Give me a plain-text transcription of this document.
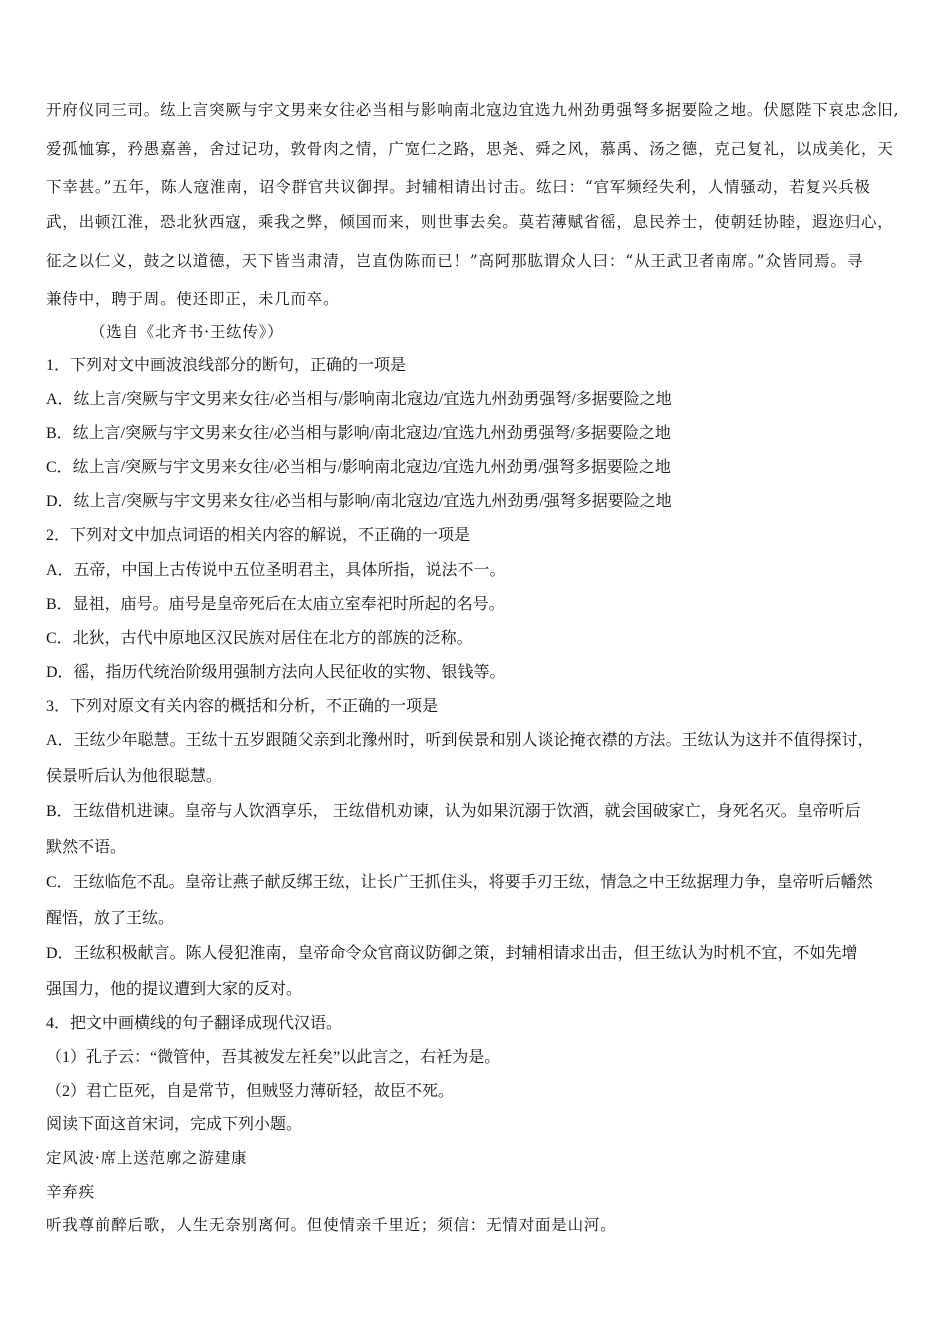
开府仪同三司。纮上言突厥与宇文男来女往必当相与影响南北寇边宜选九州劲勇强弩多据要险之地。伏愿陛下哀忠念旧,
爱孤恤寡，矜愚嘉善，舍过记功，敦骨肉之情，广宽仁之路，思尧、舜之风，慕禹、汤之德，克己复礼，以成美化，天
下幸甚。”五年，陈人寇淮南，诏令群官共议御捍。封辅相请出讨击。纮曰：“官军频经失利，人情骚动，若复兴兵极
武，出顿江淮，恐北狄西寇，乘我之弊，倾国而来，则世事去矣。莫若薄赋省徭，息民养士，使朝廷协睦，遐迩归心，
征之以仁义，鼓之以道德，天下皆当肃清，岂直伪陈而已！”高阿那肱谓众人曰：“从王武卫者南席。”众皆同焉。寻
兼侍中，聘于周。使还即正，未几而卒。
（选自《北齐书·王纮传》）
1．下列对文中画波浪线部分的断句，正确的一项是
A．纮上言/突厥与宇文男来女往/必当相与/影响南北寇边/宜选九州劲勇强弩/多据要险之地
B．纮上言/突厥与宇文男来女往/必当相与影响/南北寇边/宜选九州劲勇强弩/多据要险之地
C．纮上言/突厥与宇文男来女往/必当相与/影响南北寇边/宜选九州劲勇/强弩多据要险之地
D．纮上言/突厥与宇文男来女往/必当相与影响/南北寇边/宜选九州劲勇/强弩多据要险之地
2．下列对文中加点词语的相关内容的解说，不正确的一项是
A．五帝，中国上古传说中五位圣明君主，具体所指，说法不一。
B．显祖，庙号。庙号是皇帝死后在太庙立室奉祀时所起的名号。
C．北狄，古代中原地区汉民族对居住在北方的部族的泛称。
D．徭，指历代统治阶级用强制方法向人民征收的实物、银钱等。
3．下列对原文有关内容的概括和分析，不正确的一项是
A．王纮少年聪慧。王纮十五岁跟随父亲到北豫州时，听到侯景和别人谈论掩衣襟的方法。王纮认为这并不值得探讨，
侯景听后认为他很聪慧。
B．王纮借机进谏。皇帝与人饮酒享乐， 王纮借机劝谏，认为如果沉溺于饮酒，就会国破家亡，身死名灭。皇帝听后
默然不语。
C．王纮临危不乱。皇帝让燕子献反绑王纮，让长广王抓住头，将要手刃王纮，情急之中王纮据理力争，皇帝听后幡然
醒悟，放了王纮。
D．王纮积极献言。陈人侵犯淮南，皇帝命令众官商议防御之策，封辅相请求出击，但王纮认为时机不宜，不如先增
强国力，他的提议遭到大家的反对。
4．把文中画横线的句子翻译成现代汉语。
（1）孔子云：“微管仲，吾其被发左衽矣”以此言之，右衽为是。
（2）君亡臣死，自是常节，但贼竖力薄斫轻，故臣不死。
阅读下面这首宋词，完成下列小题。
定风波·席上送范廓之游建康
辛弃疾
听我尊前醉后歌，人生无奈别离何。但使情亲千里近；须信：无情对面是山河。
